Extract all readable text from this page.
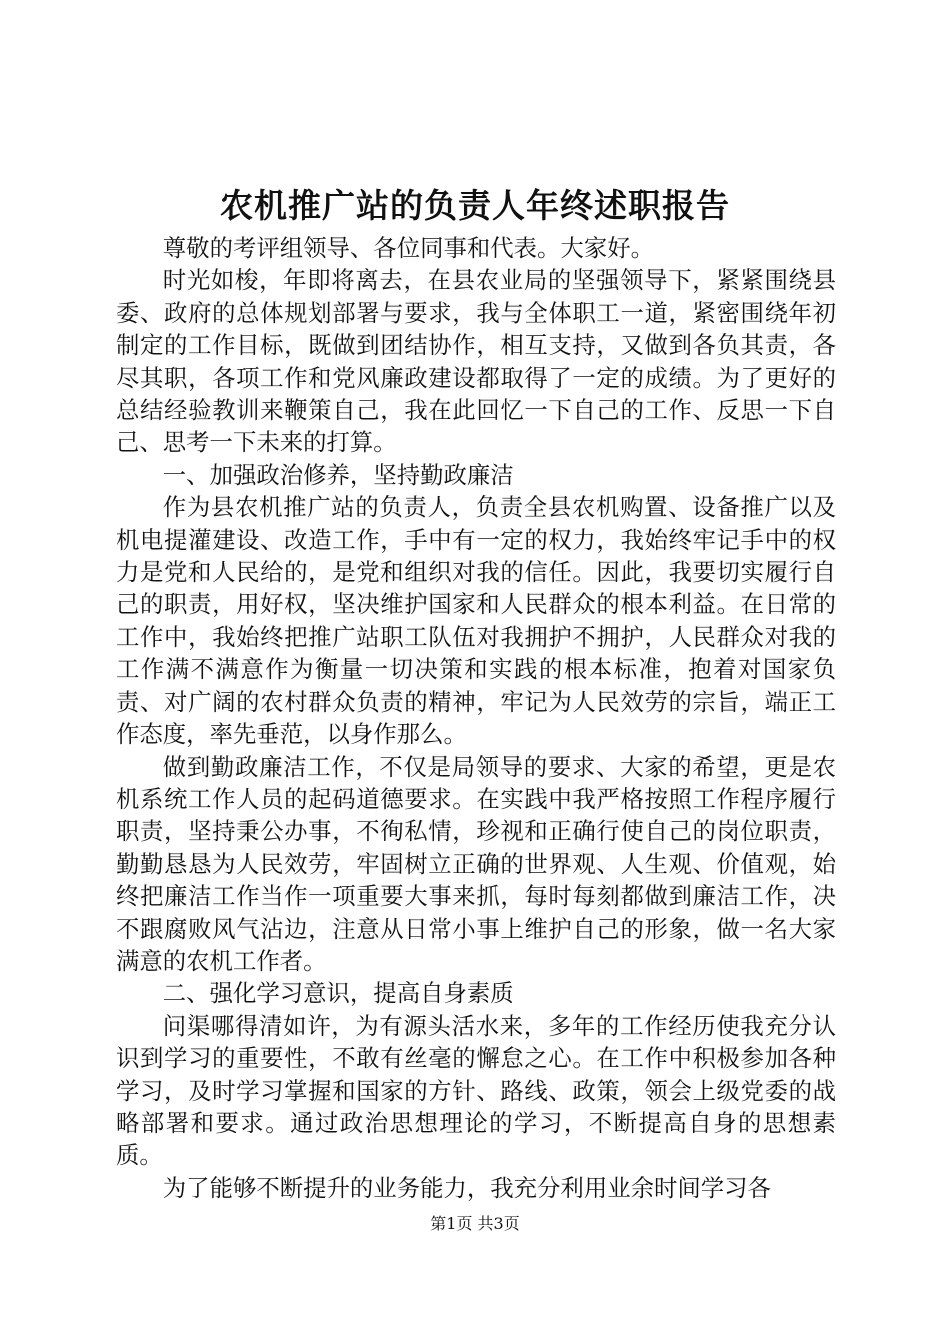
农机推广站的负责人年终述职报告

尊敬的考评组领导、各位同事和代表。大家好。

时光如梭，年即将离去，在县农业局的坚强领导下，紧紧围绕县委、政府的总体规划部署与要求，我与全体职工一道，紧密围绕年初制定的工作目标，既做到团结协作，相互支持，又做到各负其责，各尽其职，各项工作和党风廉政建设都取得了一定的成绩。为了更好的总结经验教训来鞭策自己，我在此回忆一下自己的工作、反思一下自己、思考一下未来的打算。

一、加强政治修养，坚持勤政廉洁

作为县农机推广站的负责人，负责全县农机购置、设备推广以及机电提灌建设、改造工作，手中有一定的权力，我始终牢记手中的权力是党和人民给的，是党和组织对我的信任。因此，我要切实履行自己的职责，用好权，坚决维护国家和人民群众的根本利益。在日常的工作中，我始终把推广站职工队伍对我拥护不拥护，人民群众对我的工作满不满意作为衡量一切决策和实践的根本标准，抱着对国家负责、对广阔的农村群众负责的精神，牢记为人民效劳的宗旨，端正工作态度，率先垂范，以身作那么。

做到勤政廉洁工作，不仅是局领导的要求、大家的希望，更是农机系统工作人员的起码道德要求。在实践中我严格按照工作程序履行职责，坚持秉公办事，不徇私情，珍视和正确行使自己的岗位职责，勤勤恳恳为人民效劳，牢固树立正确的世界观、人生观、价值观，始终把廉洁工作当作一项重要大事来抓，每时每刻都做到廉洁工作，决不跟腐败风气沾边，注意从日常小事上维护自己的形象，做一名大家满意的农机工作者。

二、强化学习意识，提高自身素质

问渠哪得清如许，为有源头活水来，多年的工作经历使我充分认识到学习的重要性，不敢有丝毫的懈怠之心。在工作中积极参加各种学习，及时学习掌握和国家的方针、路线、政策，领会上级党委的战略部署和要求。通过政治思想理论的学习，不断提高自身的思想素质。

为了能够不断提升的业务能力，我充分利用业余时间学习各

第1页 共3页
